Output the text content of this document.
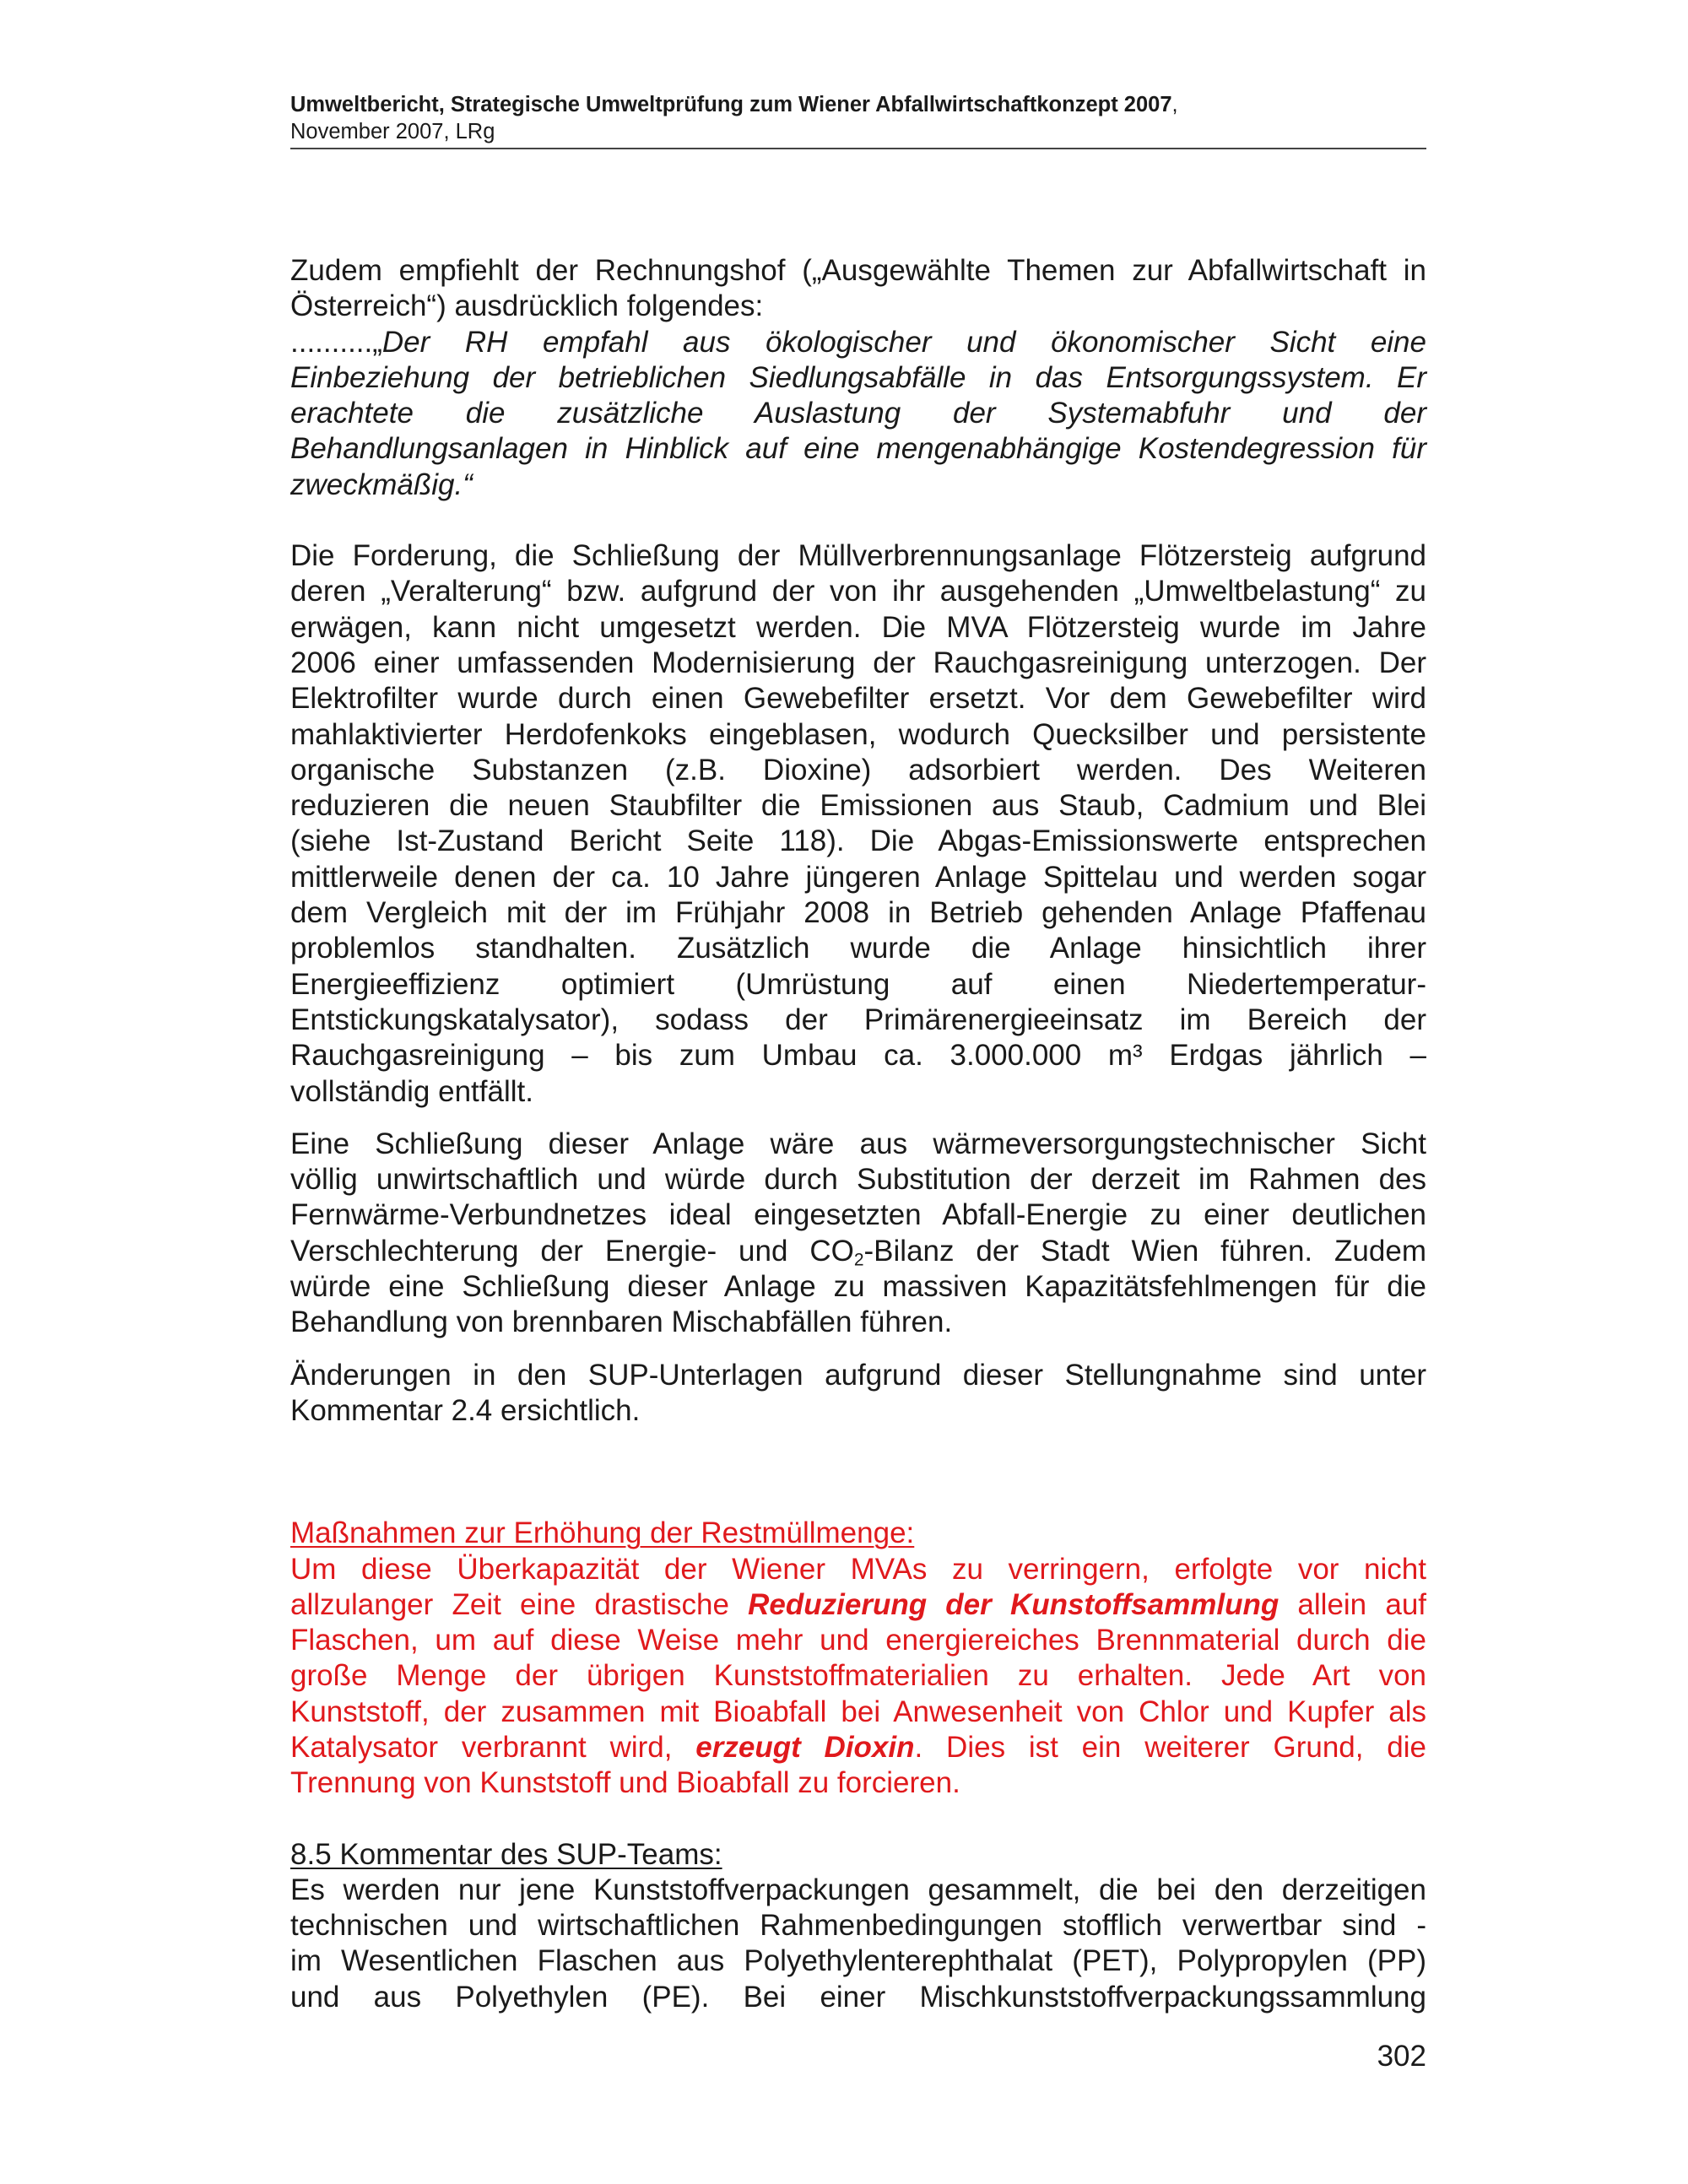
Umweltbericht, Strategische Umweltprüfung zum Wiener Abfallwirtschaftkonzept 2007,
November 2007, LRg
Zudem empfiehlt der Rechnungshof („Ausgewählte Themen zur Abfallwirtschaft in
Österreich“) ausdrücklich folgendes:
..........„Der RH empfahl aus ökologischer und ökonomischer Sicht eine
Einbeziehung der betrieblichen Siedlungsabfälle in das Entsorgungssystem. Er
erachtete die zusätzliche Auslastung der Systemabfuhr und der
Behandlungsanlagen in Hinblick auf eine mengenabhängige Kostendegression für
zweckmäßig.“
Die Forderung, die Schließung der Müllverbrennungsanlage Flötzersteig aufgrund
deren „Veralterung“ bzw. aufgrund der von ihr ausgehenden „Umweltbelastung“ zu
erwägen, kann nicht umgesetzt werden. Die MVA Flötzersteig wurde im Jahre
2006 einer umfassenden Modernisierung der Rauchgasreinigung unterzogen. Der
Elektrofilter wurde durch einen Gewebefilter ersetzt. Vor dem Gewebefilter wird
mahlaktivierter Herdofenkoks eingeblasen, wodurch Quecksilber und persistente
organische Substanzen (z.B. Dioxine) adsorbiert werden. Des Weiteren
reduzieren die neuen Staubfilter die Emissionen aus Staub, Cadmium und Blei
(siehe Ist-Zustand Bericht Seite 118). Die Abgas-Emissionswerte entsprechen
mittlerweile denen der ca. 10 Jahre jüngeren Anlage Spittelau und werden sogar
dem Vergleich mit der im Frühjahr 2008 in Betrieb gehenden Anlage Pfaffenau
problemlos standhalten. Zusätzlich wurde die Anlage hinsichtlich ihrer
Energieeffizienz optimiert (Umrüstung auf einen Niedertemperatur-
Entstickungskatalysator), sodass der Primärenergieeinsatz im Bereich der
Rauchgasreinigung – bis zum Umbau ca. 3.000.000 m³ Erdgas jährlich –
vollständig entfällt.
Eine Schließung dieser Anlage wäre aus wärmeversorgungstechnischer Sicht
völlig unwirtschaftlich und würde durch Substitution der derzeit im Rahmen des
Fernwärme-Verbundnetzes ideal eingesetzten Abfall-Energie zu einer deutlichen
Verschlechterung der Energie- und $CO_2$-Bilanz der Stadt Wien führen. Zudem
würde eine Schließung dieser Anlage zu massiven Kapazitätsfehlmengen für die
Behandlung von brennbaren Mischabfällen führen.
Änderungen in den SUP-Unterlagen aufgrund dieser Stellungnahme sind unter
Kommentar 2.4 ersichtlich.
Maßnahmen zur Erhöhung der Restmüllmenge:
Um diese Überkapazität der Wiener MVAs zu verringern, erfolgte vor nicht
allzulanger Zeit eine drastische Reduzierung der Kunstoffsammlung allein auf
Flaschen, um auf diese Weise mehr und energiereiches Brennmaterial durch die
große Menge der übrigen Kunststoffmaterialien zu erhalten. Jede Art von
Kunststoff, der zusammen mit Bioabfall bei Anwesenheit von Chlor und Kupfer als
Katalysator verbrannt wird, erzeugt Dioxin. Dies ist ein weiterer Grund, die
Trennung von Kunststoff und Bioabfall zu forcieren.
8.5 Kommentar des SUP-Teams:
Es werden nur jene Kunststoffverpackungen gesammelt, die bei den derzeitigen
technischen und wirtschaftlichen Rahmenbedingungen stofflich verwertbar sind -
im Wesentlichen Flaschen aus Polyethylenterephthalat (PET), Polypropylen (PP)
und aus Polyethylen (PE). Bei einer Mischkunststoffverpackungssammlung
302
